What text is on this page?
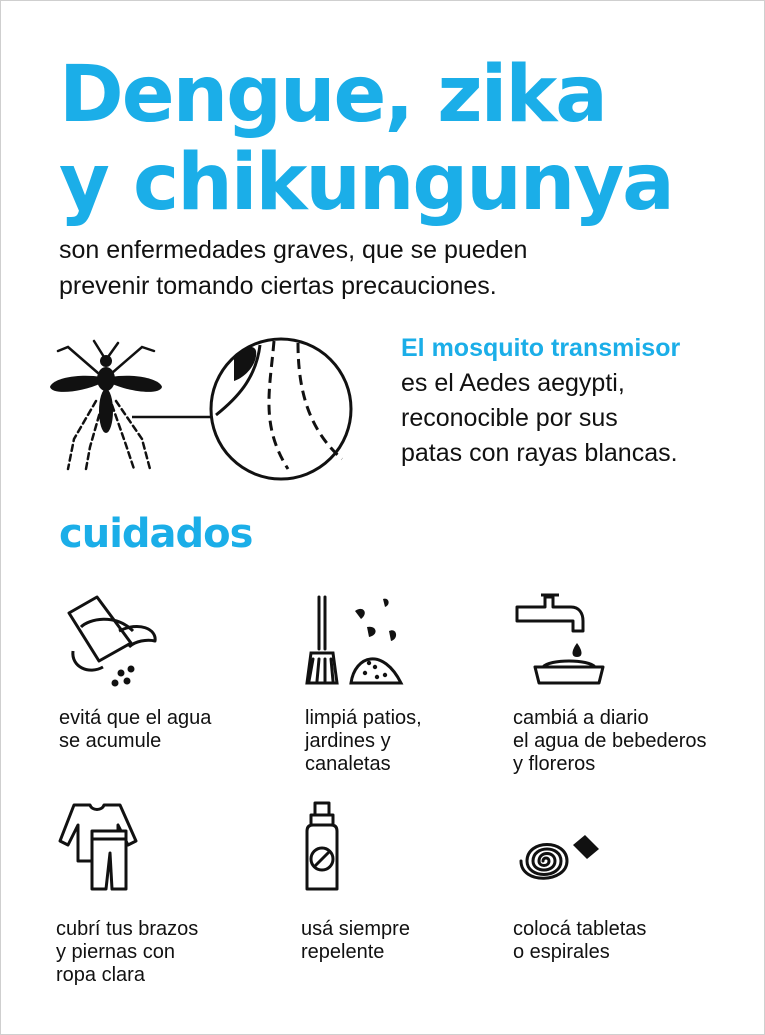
Dengue, zika
y chikungunya

son enfermedades graves, que se pueden
prevenir tomando ciertas precauciones.

El mosquito transmisor
es el Aedes aegypti,
reconocible por sus
patas con rayas blancas.
cuidados
evitá que el agua
se acumule
limpiá patios,
jardines y
canaletas
cambiá a diario
el agua de bebederos
y floreros
cubrí tus brazos
y piernas con
ropa clara
usá siempre
repelente
colocá tabletas
o espirales
